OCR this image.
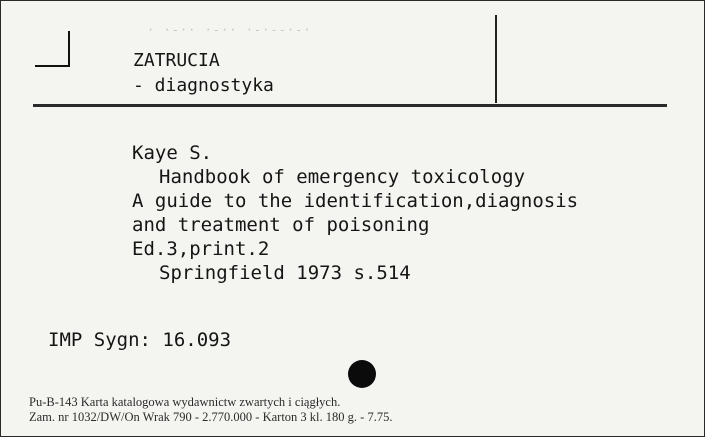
· ·-·· ·-·· ·-·--·-·
ZATRUCIA
- diagnostyka
Kaye S.
Handbook of emergency toxicology
A guide to the identification,diagnosis
and treatment of poisoning
Ed.3,print.2
Springfield 1973 s.514
IMP Sygn: 16.093
Pu-B-143 Karta katalogowa wydawnictw zwartych i ciągłych.
Zam. nr 1032/DW/On Wrak 790 - 2.770.000 - Karton 3 kl. 180 g. - 7.75.
